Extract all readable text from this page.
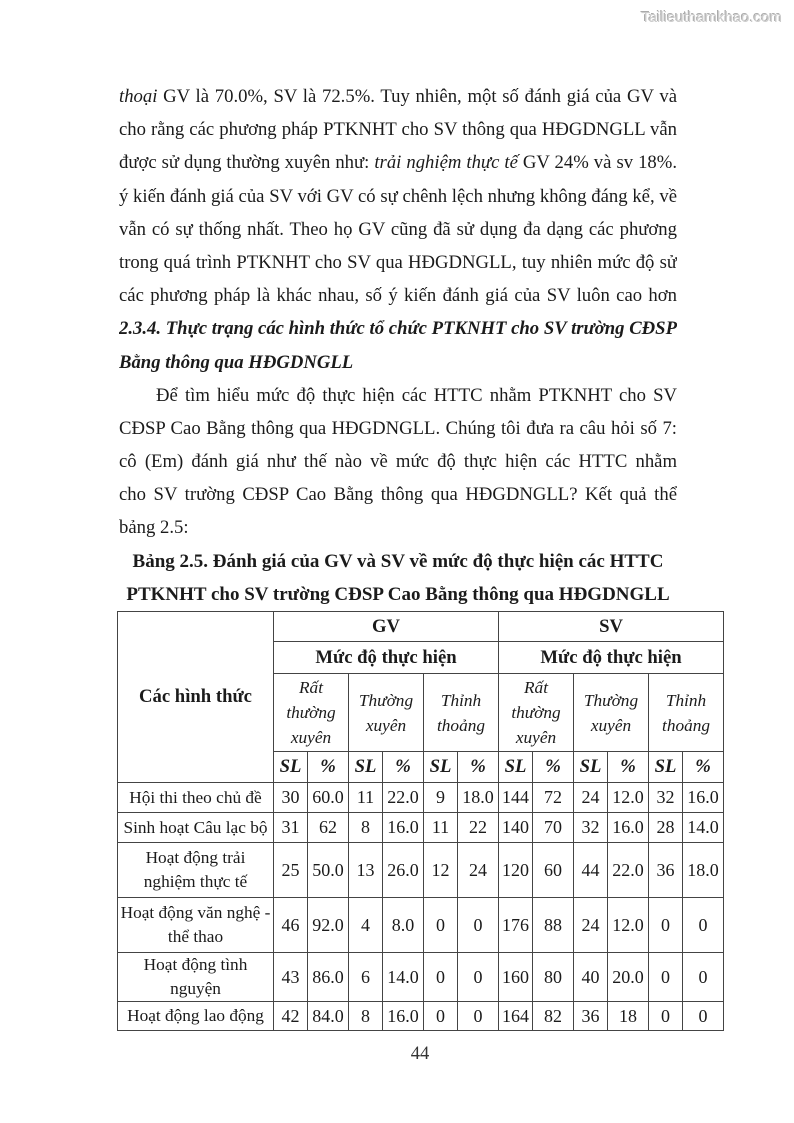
Tailieuthamkhao.com
thoại GV là 70.0%, SV là 72.5%. Tuy nhiên, một số đánh giá của GV và
cho rằng các phương pháp PTKNHT cho SV thông qua HĐGDNGLL vẫn
được sử dụng thường xuyên như: trải nghiệm thực tế GV 24% và sv 18%.
ý kiến đánh giá của SV với GV có sự chênh lệch nhưng không đáng kể, về
vẫn có sự thống nhất. Theo họ GV cũng đã sử dụng đa dạng các phương
trong quá trình PTKNHT cho SV qua HĐGDNGLL, tuy nhiên mức độ sử
các phương pháp là khác nhau, số ý kiến đánh giá của SV luôn cao hơn
2.3.4. Thực trạng các hình thức tổ chức PTKNHT cho SV trường CĐSP
Bằng thông qua HĐGDNGLL
Để tìm hiểu mức độ thực hiện các HTTC nhằm PTKNHT cho SV
CĐSP Cao Bằng thông qua HĐGDNGLL. Chúng tôi đưa ra câu hỏi số 7:
cô (Em) đánh giá như thế nào về mức độ thực hiện các HTTC nhằm
cho SV trường CĐSP Cao Bằng thông qua HĐGDNGLL? Kết quả thể
bảng 2.5:
Bảng 2.5. Đánh giá của GV và SV về mức độ thực hiện các HTTC
PTKNHT cho SV trường CĐSP Cao Bằng thông qua HĐGDNGLL
Các hình thức	GV						SV					
	Mức độ thực hiện						Mức độ thực hiện					
	Rất thường xuyên		Thường xuyên		Thỉnh thoảng		Rất thường xuyên		Thường xuyên		Thỉnh thoảng	
	SL	%	SL	%	SL	%	SL	%	SL	%	SL	%
Hội thi theo chủ đề	30	60.0	11	22.0	9	18.0	144	72	24	12.0	32	16.0
Sinh hoạt Câu lạc bộ	31	62	8	16.0	11	22	140	70	32	16.0	28	14.0
Hoạt động trải nghiệm thực tế	25	50.0	13	26.0	12	24	120	60	44	22.0	36	18.0
Hoạt động văn nghệ - thể thao	46	92.0	4	8.0	0	0	176	88	24	12.0	0	0
Hoạt động tình nguyện	43	86.0	6	14.0	0	0	160	80	40	20.0	0	0
Hoạt động lao động	42	84.0	8	16.0	0	0	164	82	36	18	0	0
44
